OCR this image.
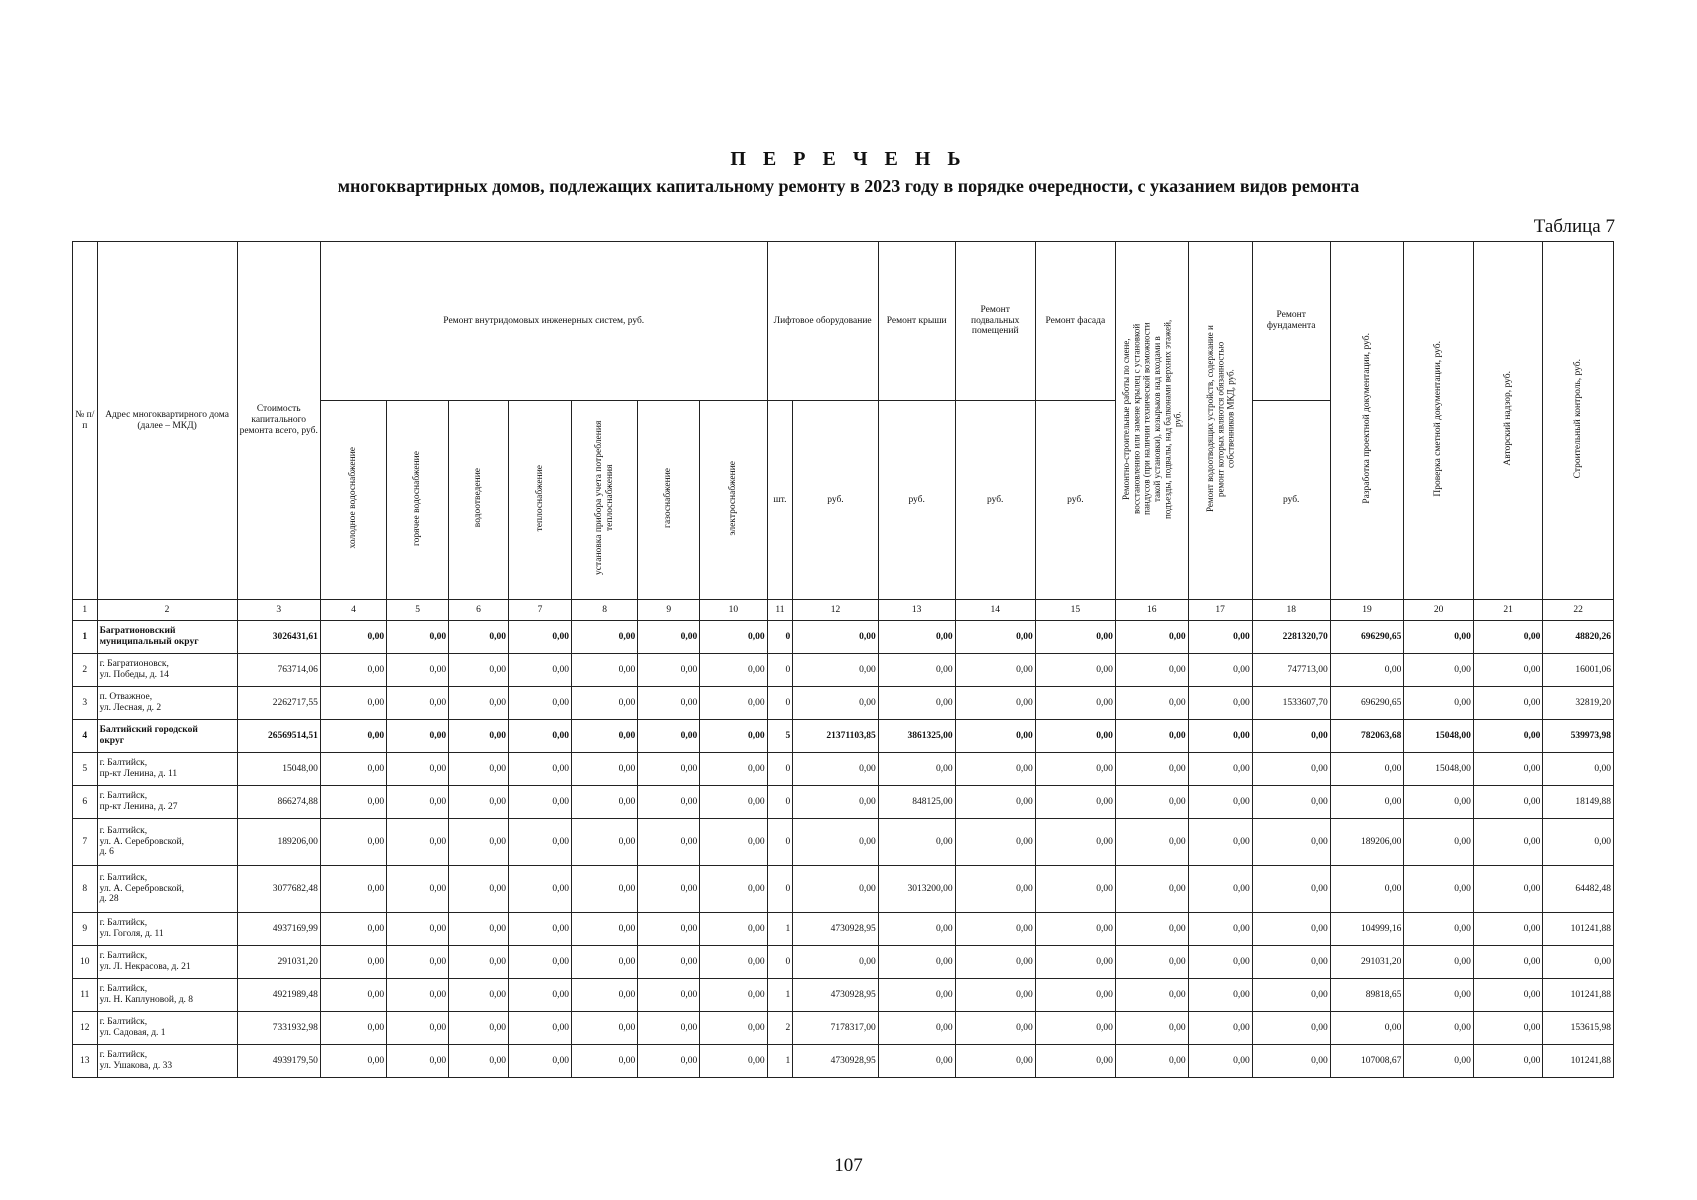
П Е Р Е Ч Е Н Ь
многоквартирных домов, подлежащих капитальному ремонту в 2023 году в порядке очередности, с указанием видов ремонта
Таблица 7
№ п/п	Адрес многоквартирного дома (далее – МКД)	Стоимость капитального ремонта всего, руб.	Ремонт внутридомовых инженерных систем, руб.							Лифтовое оборудование		Ремонт крыши	Ремонт подвальных помещений	Ремонт фасада	Ремонтно-строительные работы по смене, восстановлению или замене крылец с установкой пандусов (при наличии технической возможности такой установки), козырьков над входами в подъезды, подвалы, над балконами верхних этажей, руб.	Ремонт водоотводящих устройств, содержание и ремонт которых являются обязанностью собственников МКД, руб.	Ремонт фундамента	Разработка проектной документации, руб.	Проверка сметной документации, руб.	Авторский надзор, руб.	Строительный контроль, руб.
			холодное водоснабжение	горячее водоснабжение	водоотведение	теплоснабжение	установка прибора учета потребления теплоснабжения	газоснабжение	электроснабжение	шт.	руб.	руб.	руб.	руб.			руб.				
1	2	3	4	5	6	7	8	9	10	11	12	13	14	15	16	17	18	19	20	21	22
1	Багратионовский
муниципальный округ	3026431,61	0,00	0,00	0,00	0,00	0,00	0,00	0,00	0	0,00	0,00	0,00	0,00	0,00	0,00	2281320,70	696290,65	0,00	0,00	48820,26
2	г. Багратионовск,
ул. Победы, д. 14	763714,06	0,00	0,00	0,00	0,00	0,00	0,00	0,00	0	0,00	0,00	0,00	0,00	0,00	0,00	747713,00	0,00	0,00	0,00	16001,06
3	п. Отважное,
ул. Лесная, д. 2	2262717,55	0,00	0,00	0,00	0,00	0,00	0,00	0,00	0	0,00	0,00	0,00	0,00	0,00	0,00	1533607,70	696290,65	0,00	0,00	32819,20
4	Балтийский городской
округ	26569514,51	0,00	0,00	0,00	0,00	0,00	0,00	0,00	5	21371103,85	3861325,00	0,00	0,00	0,00	0,00	0,00	782063,68	15048,00	0,00	539973,98
5	г. Балтийск,
пр-кт Ленина, д. 11	15048,00	0,00	0,00	0,00	0,00	0,00	0,00	0,00	0	0,00	0,00	0,00	0,00	0,00	0,00	0,00	0,00	15048,00	0,00	0,00
6	г. Балтийск,
пр-кт Ленина, д. 27	866274,88	0,00	0,00	0,00	0,00	0,00	0,00	0,00	0	0,00	848125,00	0,00	0,00	0,00	0,00	0,00	0,00	0,00	0,00	18149,88
7	г. Балтийск,
ул. А. Серебровской,
д. 6	189206,00	0,00	0,00	0,00	0,00	0,00	0,00	0,00	0	0,00	0,00	0,00	0,00	0,00	0,00	0,00	189206,00	0,00	0,00	0,00
8	г. Балтийск,
ул. А. Серебровской,
д. 28	3077682,48	0,00	0,00	0,00	0,00	0,00	0,00	0,00	0	0,00	3013200,00	0,00	0,00	0,00	0,00	0,00	0,00	0,00	0,00	64482,48
9	г. Балтийск,
ул. Гоголя, д. 11	4937169,99	0,00	0,00	0,00	0,00	0,00	0,00	0,00	1	4730928,95	0,00	0,00	0,00	0,00	0,00	0,00	104999,16	0,00	0,00	101241,88
10	г. Балтийск,
ул. Л. Некрасова, д. 21	291031,20	0,00	0,00	0,00	0,00	0,00	0,00	0,00	0	0,00	0,00	0,00	0,00	0,00	0,00	0,00	291031,20	0,00	0,00	0,00
11	г. Балтийск,
ул. Н. Каплуновой, д. 8	4921989,48	0,00	0,00	0,00	0,00	0,00	0,00	0,00	1	4730928,95	0,00	0,00	0,00	0,00	0,00	0,00	89818,65	0,00	0,00	101241,88
12	г. Балтийск,
ул. Садовая, д. 1	7331932,98	0,00	0,00	0,00	0,00	0,00	0,00	0,00	2	7178317,00	0,00	0,00	0,00	0,00	0,00	0,00	0,00	0,00	0,00	153615,98
13	г. Балтийск,
ул. Ушакова, д. 33	4939179,50	0,00	0,00	0,00	0,00	0,00	0,00	0,00	1	4730928,95	0,00	0,00	0,00	0,00	0,00	0,00	107008,67	0,00	0,00	101241,88
107
